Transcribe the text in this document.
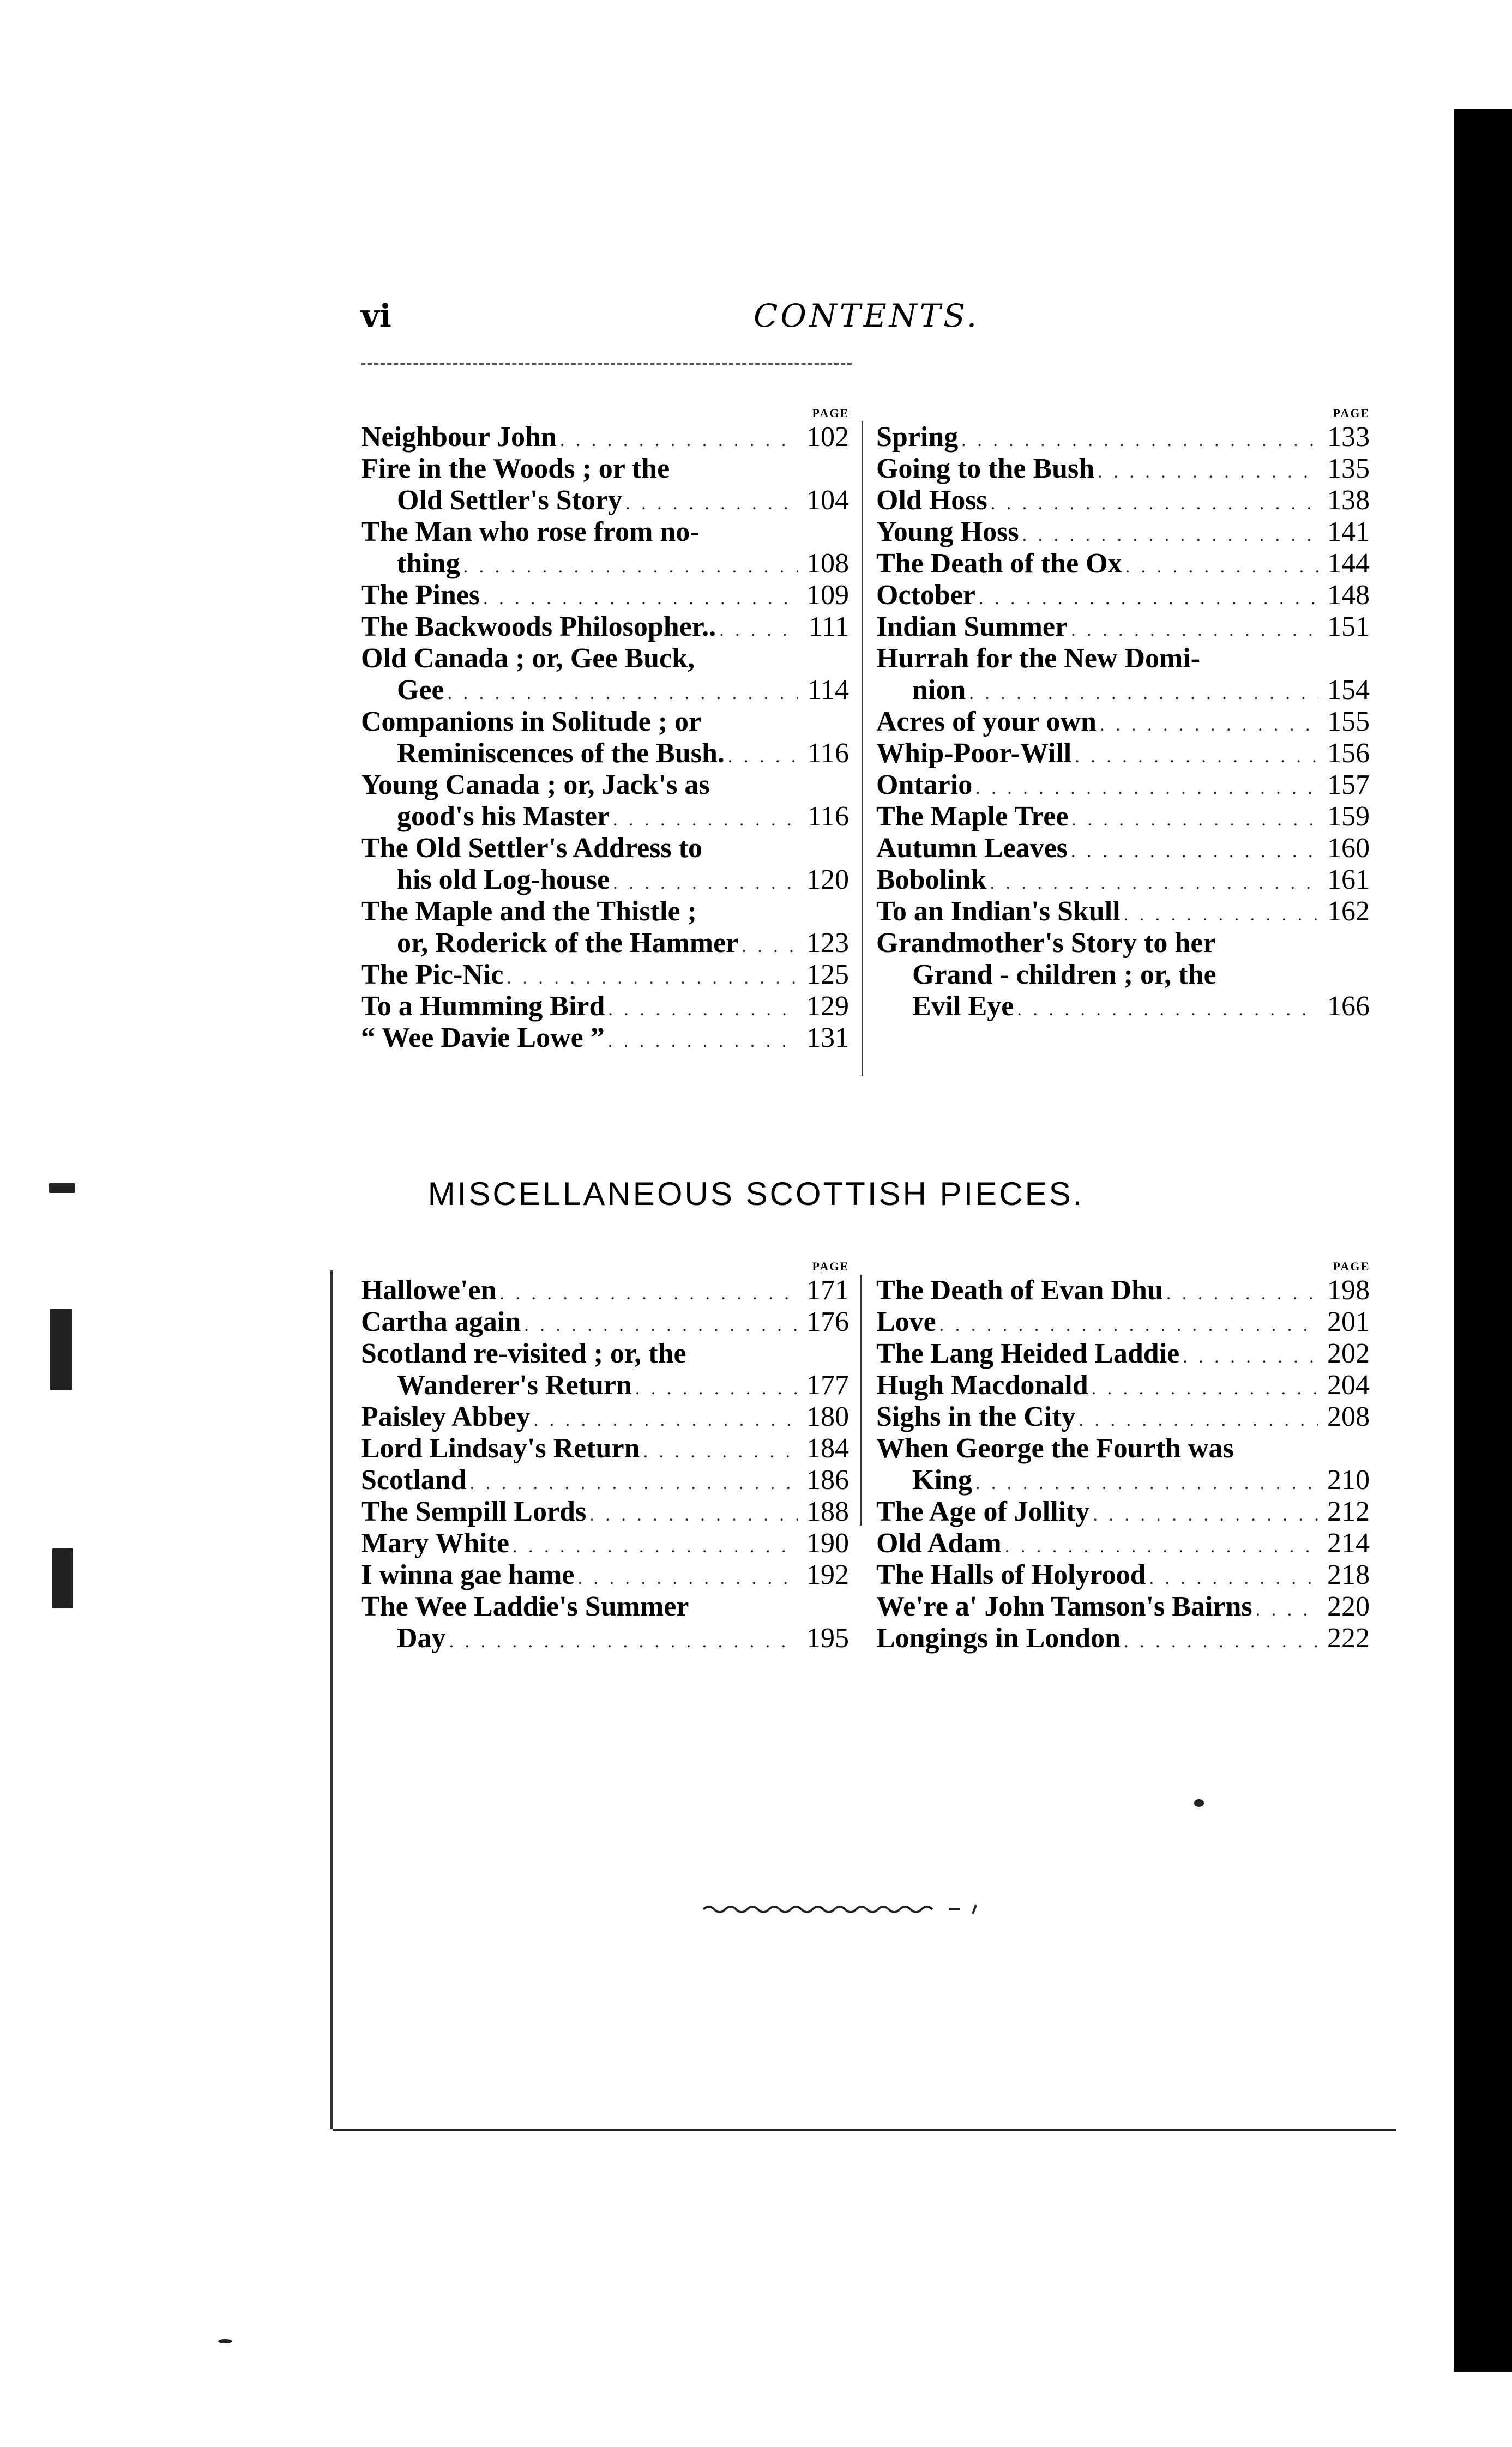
vi	CONTENTS.
PAGE
Neighbour John . . .	102
Fire in the Woods ; or the
Old Settler's Story . . .	104
The Man who rose from no-
thing . . .	108
The Pines . . .	109
The Backwoods Philosopher.. . . .	111
Old Canada ; or, Gee Buck,
Gee . . .	114
Companions in Solitude ; or
Reminiscences of the Bush. . . .	116
Young Canada ; or, Jack's as
good's his Master . . .	116
The Old Settler's Address to
his old Log-house . . .	120
The Maple and the Thistle ;
or, Roderick of the Hammer . . . 123
The Pic-Nic . . .	125
To a Humming Bird . . .	129
“ Wee Davie Lowe ” . . .	131
PAGE
Spring . . .	133
Going to the Bush . . .	135
Old Hoss . . .	138
Young Hoss . . .	141
The Death of the Ox . . .	144
October . . .	148
Indian Summer . . .	151
Hurrah for the New Domi-
nion . . .	154
Acres of your own . . .	155
Whip-Poor-Will . . .	156
Ontario . . .	157
The Maple Tree . . .	159
Autumn Leaves . . .	160
Bobolink . . .	161
To an Indian's Skull . . .	162
Grandmother's Story to her
Grand - children ; or, the
Evil Eye . . .	166
MISCELLANEOUS SCOTTISH PIECES.
PAGE
Hallowe'en . . .	171
Cartha again . . .	176
Scotland re-visited ; or, the
Wanderer's Return . . .	177
Paisley Abbey . . .	180
Lord Lindsay's Return . . .	184
Scotland . . .	186
The Sempill Lords . . .	188
Mary White . . .	190
I winna gae hame . . .	192
The Wee Laddie's Summer
Day . . .	195
PAGE
The Death of Evan Dhu . . .	198
Love . . .	201
The Lang Heided Laddie . . .	202
Hugh Macdonald . . .	204
Sighs in the City . . .	208
When George the Fourth was
King . . .	210
The Age of Jollity . . .	212
Old Adam . . .	214
The Halls of Holyrood . . .	218
We're a' John Tamson's Bairns . . .	220
Longings in London . . .	222
